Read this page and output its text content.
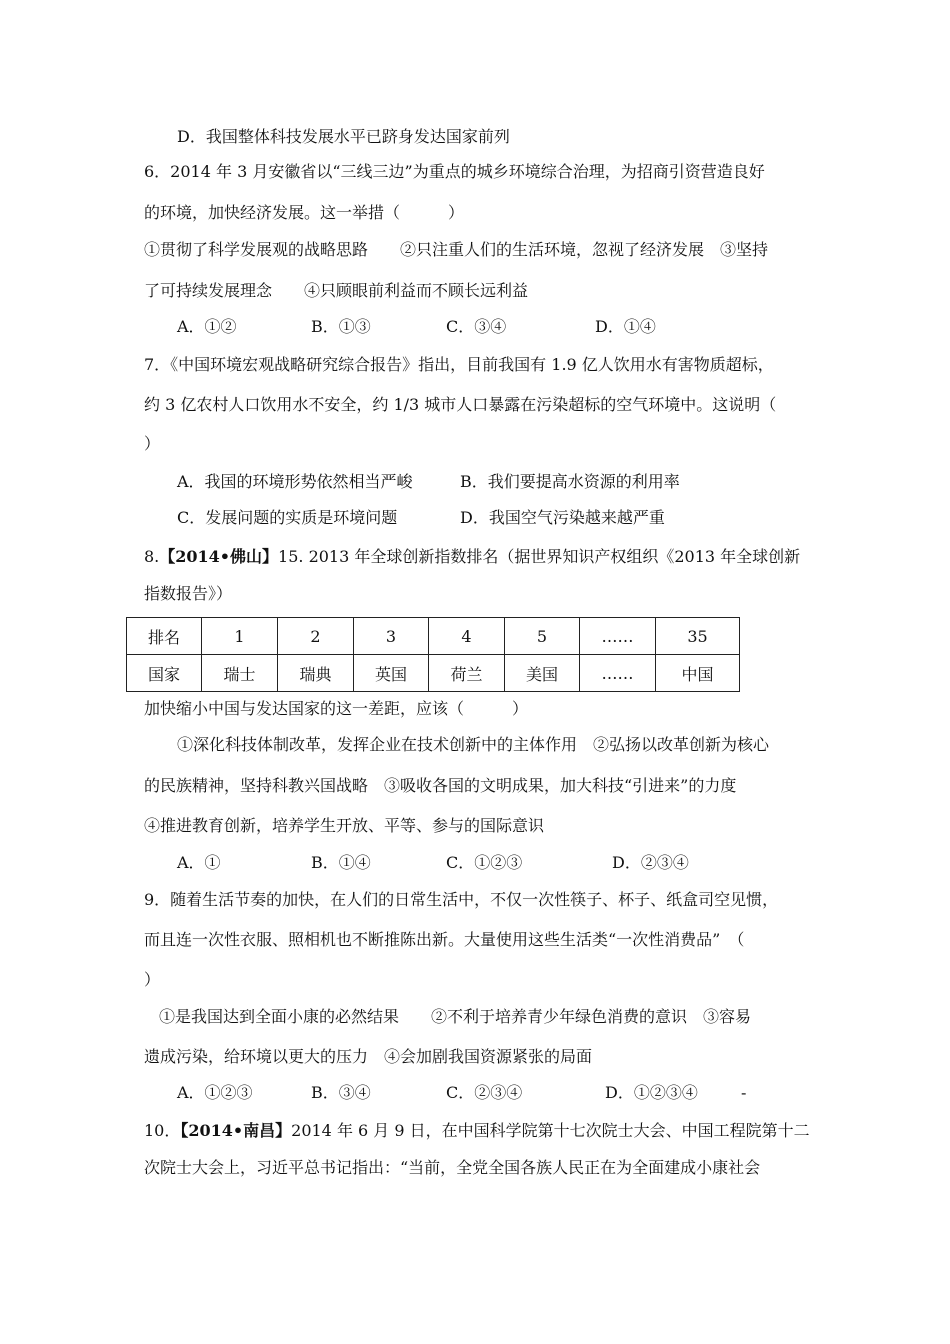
D．我国整体科技发展水平已跻身发达国家前列

6．2014 年 3 月安徽省以“三线三边”为重点的城乡环境综合治理，为招商引资营造良好

的环境，加快经济发展。这一举措（　　　）

①贯彻了科学发展观的战略思路　　②只注重人们的生活环境，忽视了经济发展　③坚持

了可持续发展理念　　④只顾眼前利益而不顾长远利益

A．①②	B．①③	C．③④	D．①④

7．《中国环境宏观战略研究综合报告》指出，目前我国有 1.9 亿人饮用水有害物质超标，

约 3 亿农村人口饮用水不安全，约 1/3 城市人口暴露在污染超标的空气环境中。这说明（

）

A．我国的环境形势依然相当严峻	B．我们要提高水资源的利用率
C．发展问题的实质是环境问题	D．我国空气污染越来越严重

8.【2014•佛山】15. 2013 年全球创新指数排名（据世界知识产权组织《2013 年全球创新

指数报告》）

排名	1	2	3	4	5	……	35
国家	瑞士	瑞典	英国	荷兰	美国	……	中国

加快缩小中国与发达国家的这一差距，应该（　　　）

①深化科技体制改革，发挥企业在技术创新中的主体作用　②弘扬以改革创新为核心

的民族精神，坚持科教兴国战略　③吸收各国的文明成果，加大科技“引进来”的力度

④推进教育创新，培养学生开放、平等、参与的国际意识

A．①	B．①④	C．①②③	D．②③④

9．随着生活节奏的加快，在人们的日常生活中，不仅一次性筷子、杯子、纸盒司空见惯，

而且连一次性衣服、照相机也不断推陈出新。大量使用这些生活类“一次性消费品”　（

）

①是我国达到全面小康的必然结果　　②不利于培养青少年绿色消费的意识　③容易

遗成污染，给环境以更大的压力　④会加剧我国资源紧张的局面

A．①②③	B．③④	C．②③④	D．①②③④	-

10．【2014•南昌】2014 年 6 月 9 日，在中国科学院第十七次院士大会、中国工程院第十二

次院士大会上，习近平总书记指出：“当前，全党全国各族人民正在为全面建成小康社会
